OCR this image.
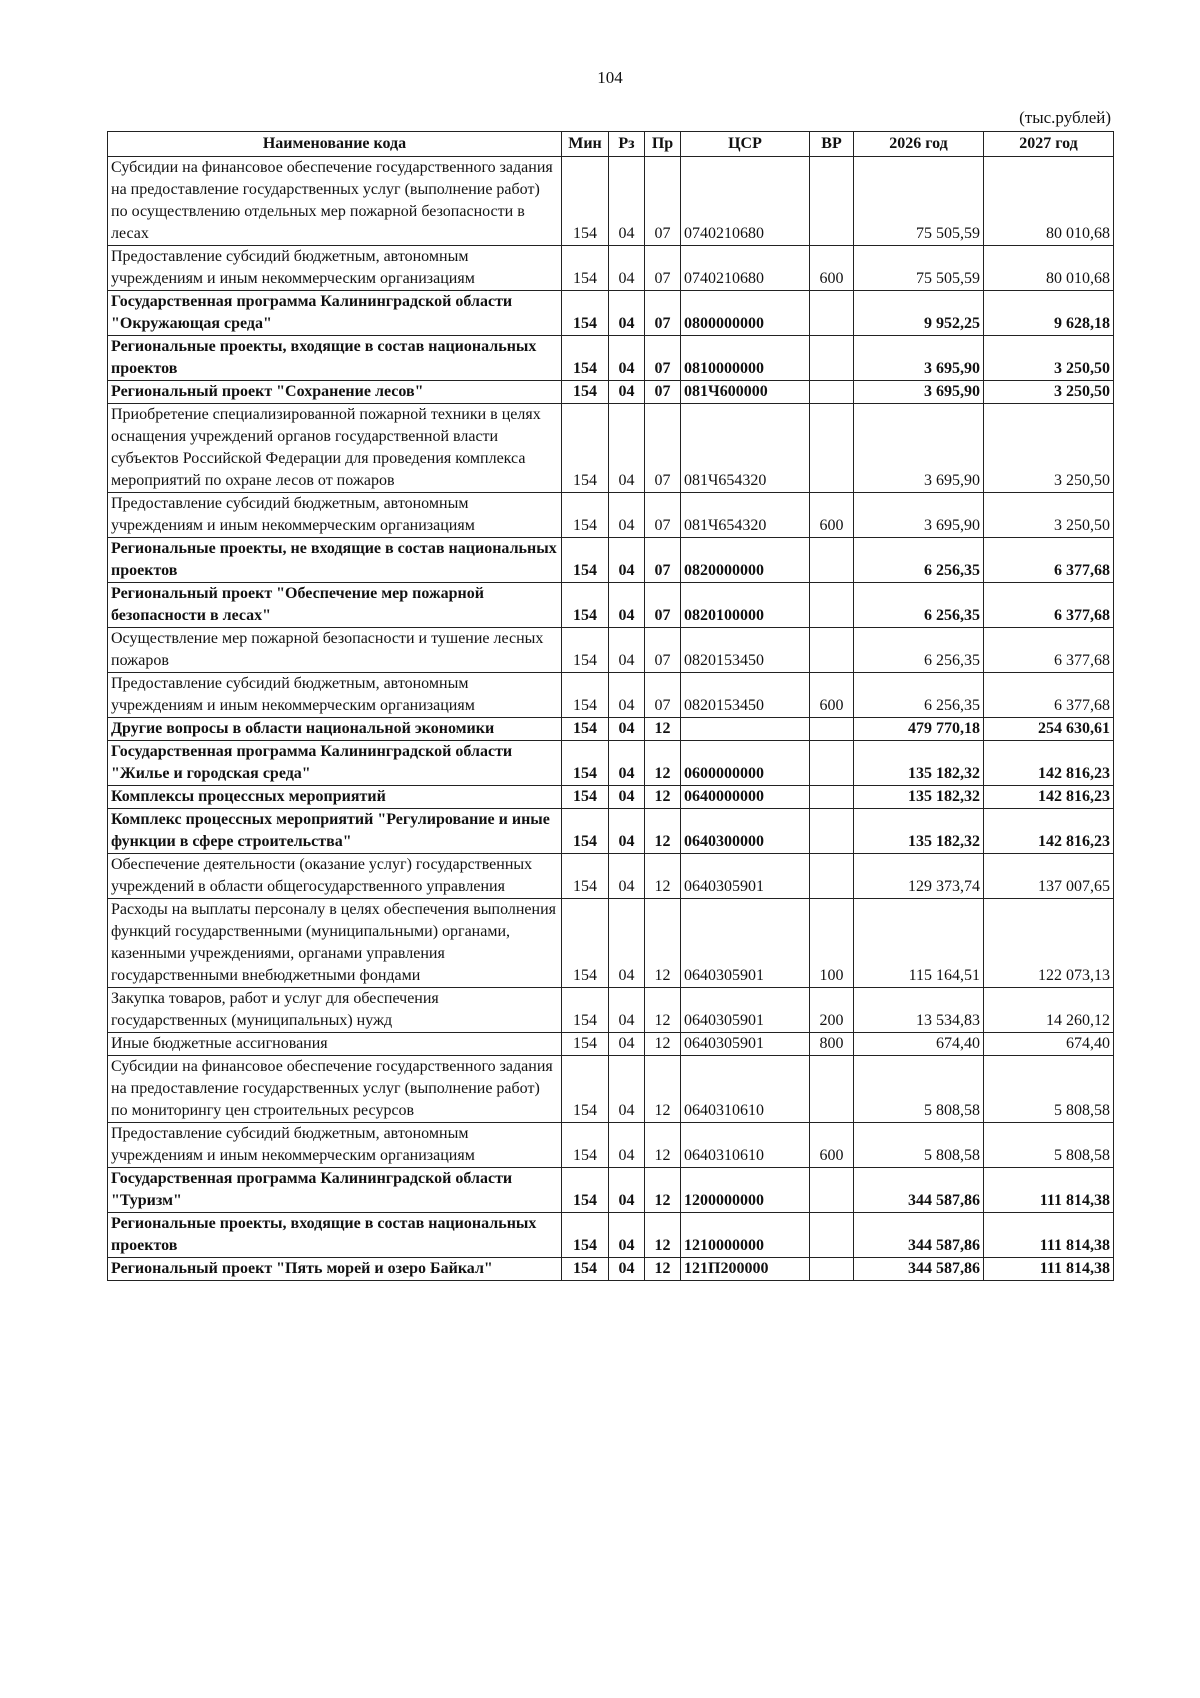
104
(тыс.рублей)
Наименование кода	Мин	Рз	Пр	ЦСР	ВР	2026 год	2027 год
Субсидии на финансовое обеспечение государственного задания на предоставление государственных услуг (выполнение работ) по осуществлению отдельных мер пожарной безопасности в лесах	154	04	07	0740210680		75 505,59	80 010,68
Предоставление субсидий бюджетным, автономным учреждениям и иным некоммерческим организациям	154	04	07	0740210680	600	75 505,59	80 010,68
Государственная программа Калининградской области "Окружающая среда"	154	04	07	0800000000		9 952,25	9 628,18
Региональные проекты, входящие в состав национальных проектов	154	04	07	0810000000		3 695,90	3 250,50
Региональный проект "Сохранение лесов"	154	04	07	081Ч600000		3 695,90	3 250,50
Приобретение специализированной пожарной техники в целях оснащения учреждений органов государственной власти субъектов Российской Федерации для проведения комплекса мероприятий по охране лесов от пожаров	154	04	07	081Ч654320		3 695,90	3 250,50
Предоставление субсидий бюджетным, автономным учреждениям и иным некоммерческим организациям	154	04	07	081Ч654320	600	3 695,90	3 250,50
Региональные проекты, не входящие в состав национальных проектов	154	04	07	0820000000		6 256,35	6 377,68
Региональный проект "Обеспечение мер пожарной безопасности в лесах"	154	04	07	0820100000		6 256,35	6 377,68
Осуществление мер пожарной безопасности и тушение лесных пожаров	154	04	07	0820153450		6 256,35	6 377,68
Предоставление субсидий бюджетным, автономным учреждениям и иным некоммерческим организациям	154	04	07	0820153450	600	6 256,35	6 377,68
Другие вопросы в области национальной экономики	154	04	12			479 770,18	254 630,61
Государственная программа Калининградской области "Жилье и городская среда"	154	04	12	0600000000		135 182,32	142 816,23
Комплексы процессных мероприятий	154	04	12	0640000000		135 182,32	142 816,23
Комплекс процессных мероприятий "Регулирование и иные функции в сфере строительства"	154	04	12	0640300000		135 182,32	142 816,23
Обеспечение деятельности (оказание услуг) государственных учреждений в области общегосударственного управления	154	04	12	0640305901		129 373,74	137 007,65
Расходы на выплаты персоналу в целях обеспечения выполнения функций государственными (муниципальными) органами, казенными учреждениями, органами управления государственными внебюджетными фондами	154	04	12	0640305901	100	115 164,51	122 073,13
Закупка товаров, работ и услуг для обеспечения государственных (муниципальных) нужд	154	04	12	0640305901	200	13 534,83	14 260,12
Иные бюджетные ассигнования	154	04	12	0640305901	800	674,40	674,40
Субсидии на финансовое обеспечение государственного задания на предоставление государственных услуг (выполнение работ) по мониторингу цен строительных ресурсов	154	04	12	0640310610		5 808,58	5 808,58
Предоставление субсидий бюджетным, автономным учреждениям и иным некоммерческим организациям	154	04	12	0640310610	600	5 808,58	5 808,58
Государственная программа Калининградской области "Туризм"	154	04	12	1200000000		344 587,86	111 814,38
Региональные проекты, входящие в состав национальных проектов	154	04	12	1210000000		344 587,86	111 814,38
Региональный проект "Пять морей и озеро Байкал"	154	04	12	121П200000		344 587,86	111 814,38
